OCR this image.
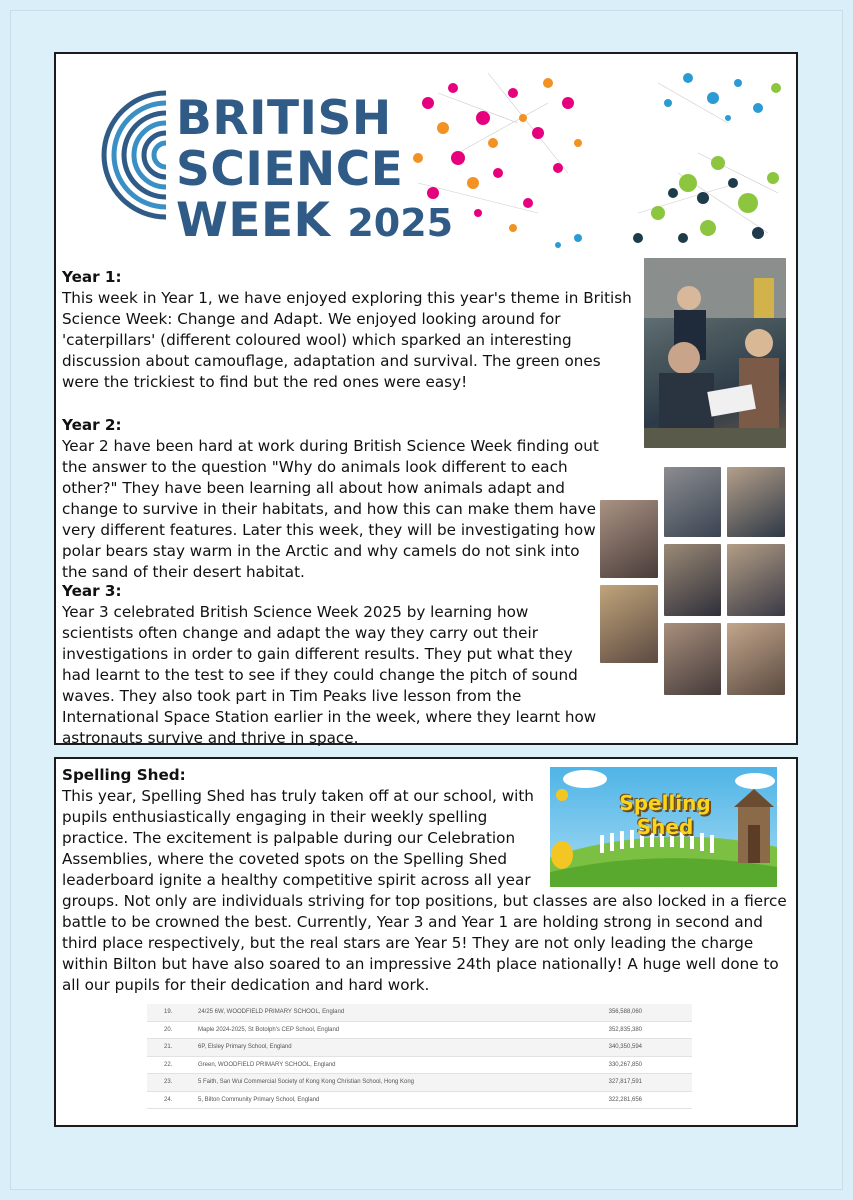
BRITISH
SCIENCE
WEEK 2025
Year 1:

This week in Year 1, we have enjoyed exploring this year's theme in British Science Week: Change and Adapt. We enjoyed looking around for 'caterpillars' (different coloured wool) which sparked an interesting discussion about camouflage, adaptation and survival. The green ones were the trickiest to find but the red ones were easy!

Year 2:

Year 2 have been hard at work during British Science Week finding out the answer to the question "Why do animals look different to each other?" They have been learning all about how animals adapt and change to survive in their habitats, and how this can make them have very different features. Later this week, they will be investigating how polar bears stay warm in the Arctic and why camels do not sink into the sand of their desert habitat.

Year 3:

Year 3 celebrated British Science Week 2025 by learning how scientists often change and adapt the way they carry out their investigations in order to gain different results. They put what they had learnt to the test to see if they could change the pitch of sound waves. They also took part in Tim Peaks live lesson from the International Space Station earlier in the week, where they learnt how astronauts survive and thrive in space.

Spelling Shed:
Spelling Shed

This year, Spelling Shed has truly taken off at our school, with pupils enthusiastically engaging in their weekly spelling practice. The excitement is palpable during our Celebration Assemblies, where the coveted spots on the Spelling Shed leaderboard ignite a healthy competitive spirit across all year groups. Not only are individuals striving for top positions, but classes are also locked in a fierce battle to be crowned the best. Currently, Year 3 and Year 1 are holding strong in second and third place respectively, but the real stars are Year 5! They are not only leading the charge within Bilton but have also soared to an impressive 24th place nationally! A huge well done to all our pupils for their dedication and hard work.

19.	24/25 6W, WOODFIELD PRIMARY SCHOOL, England	356,588,060
20.	Maple 2024-2025, St Botolph's CEP School, England	352,835,380
21.	6P, Elsley Primary School, England	340,350,594
22.	Green, WOODFIELD PRIMARY SCHOOL, England	330,267,850
23.	5 Faith, San Wui Commercial Society of Kong Kong Christian School, Hong Kong	327,817,591
24.	5, Bilton Community Primary School, England	322,281,656
